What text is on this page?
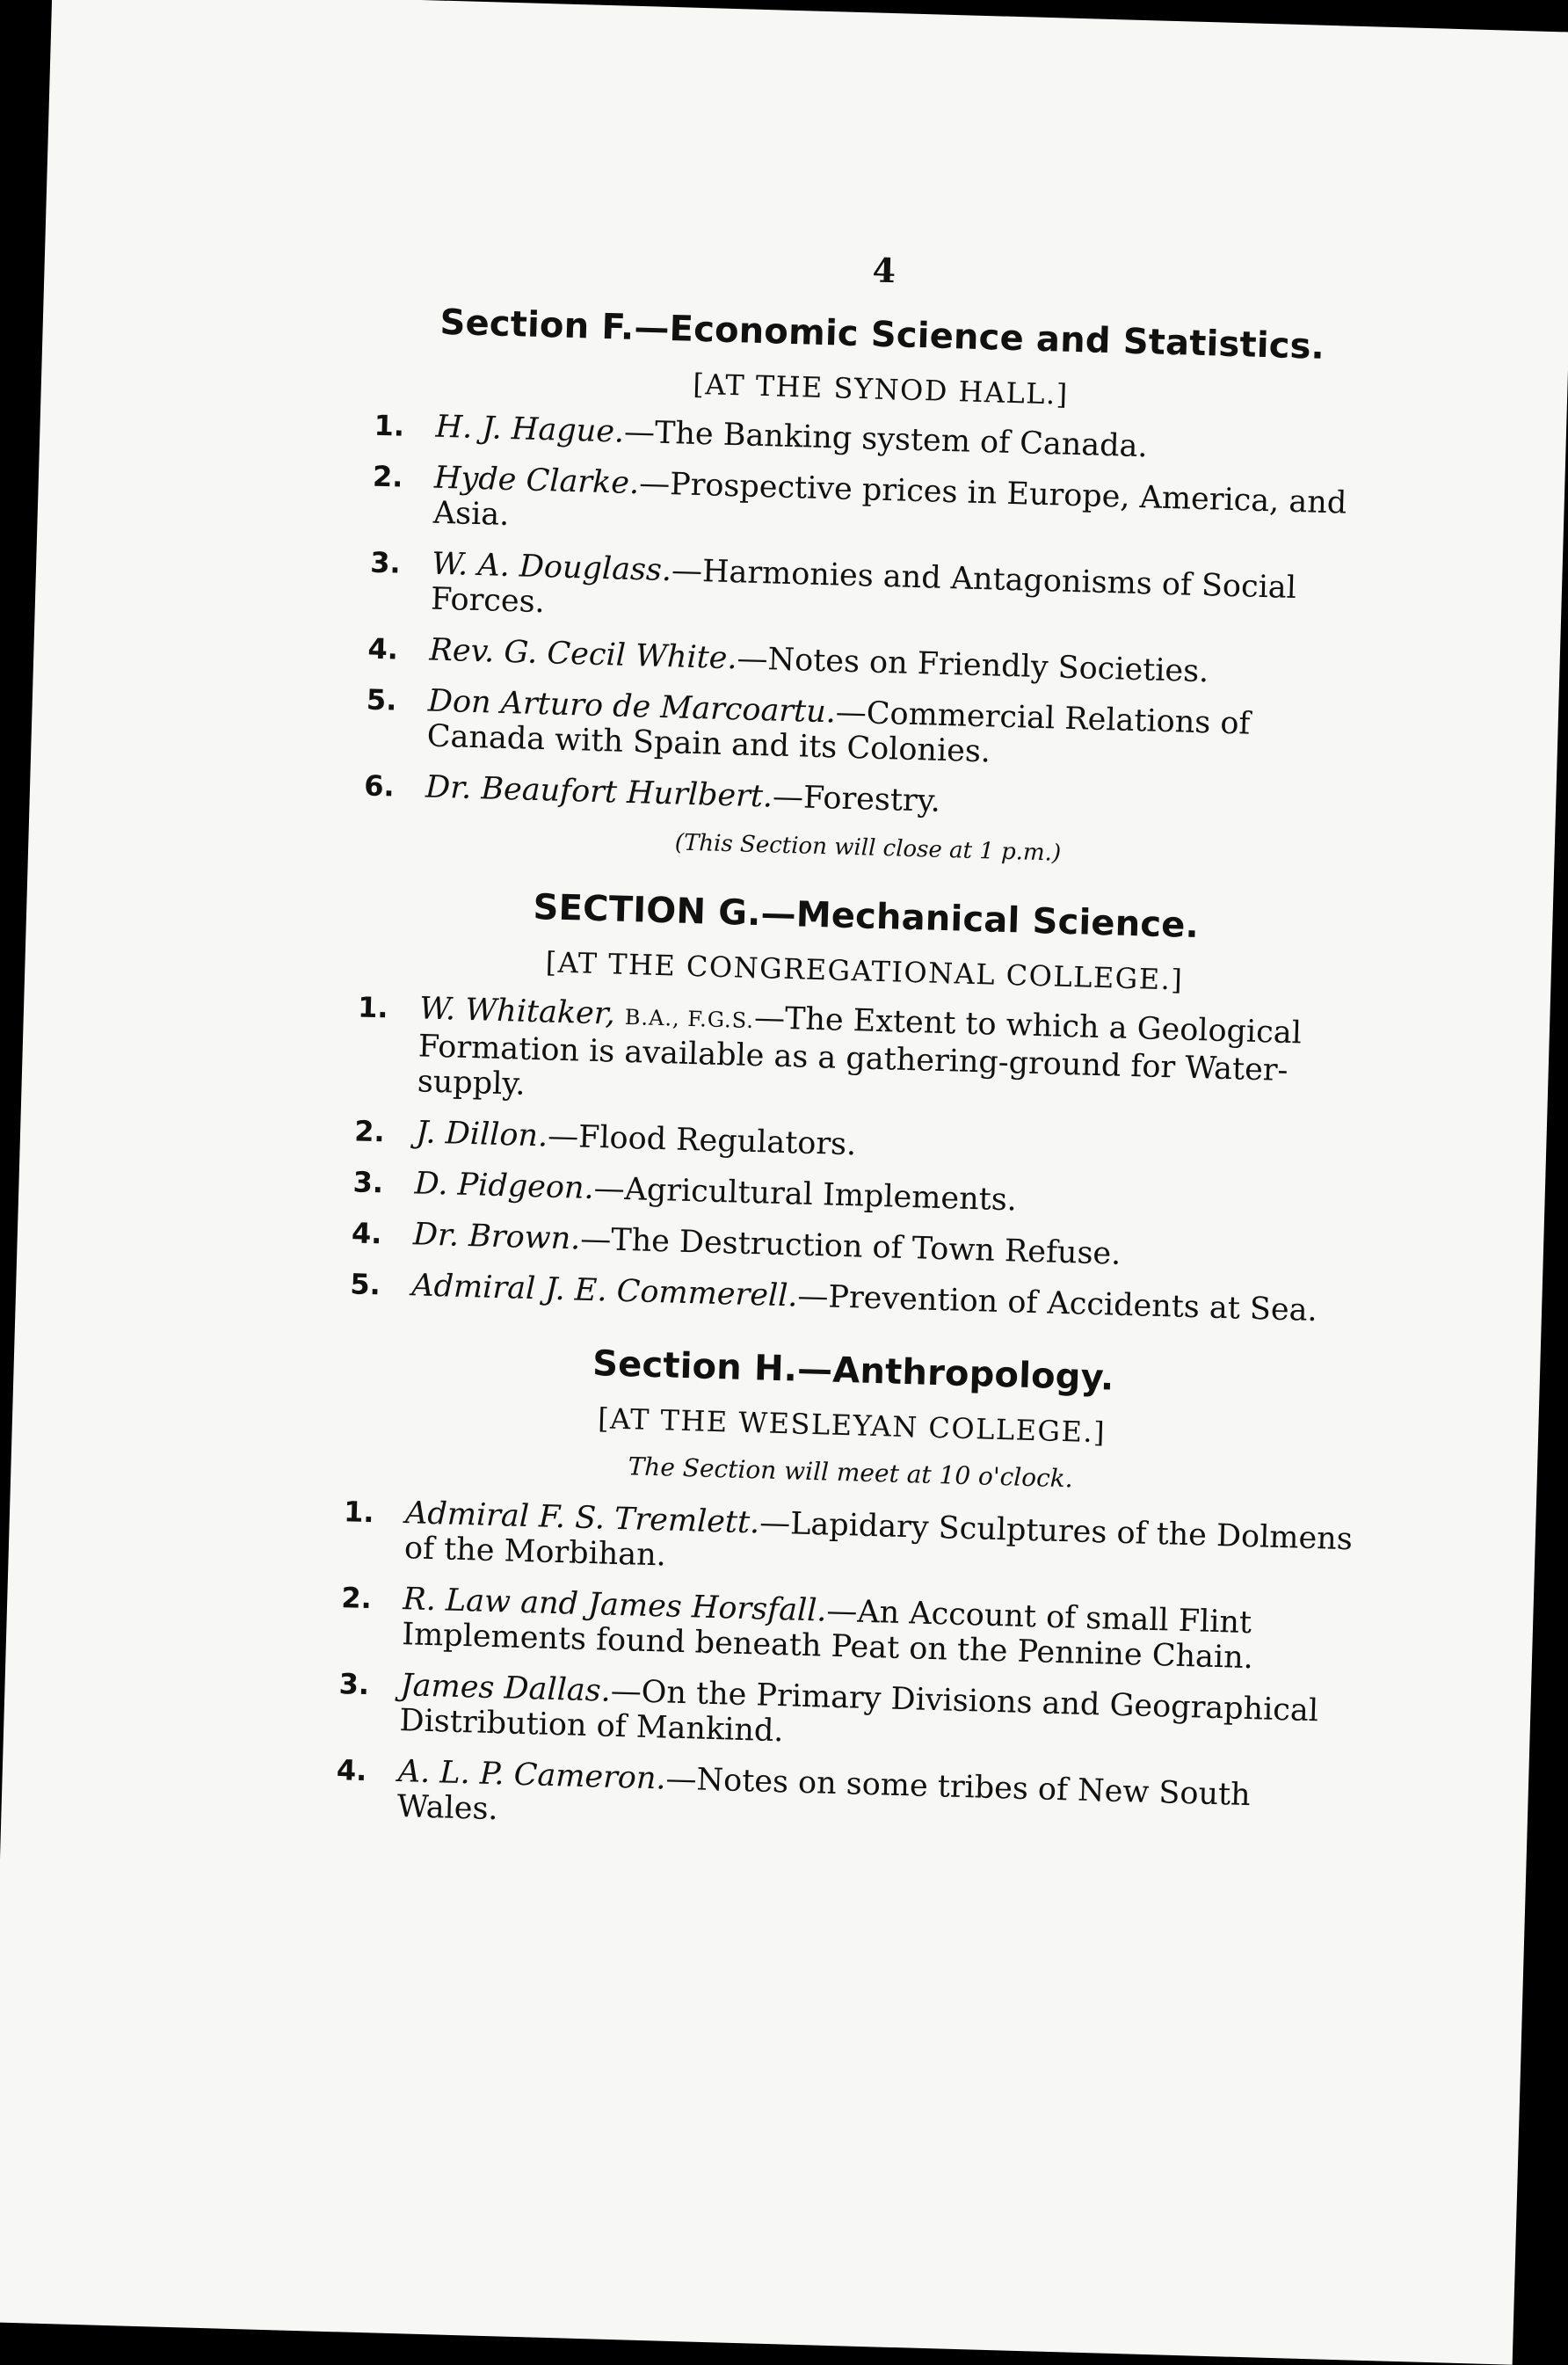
4
Section F.—Economic Science and Statistics.
[AT THE SYNOD HALL.]
1. H. J. Hague.—The Banking system of Canada.
2. Hyde Clarke.—Prospective prices in Europe, America, and Asia.
3. W. A. Douglass.—Harmonies and Antagonisms of Social Forces.
4. Rev. G. Cecil White.—Notes on Friendly Societies.
5. Don Arturo de Marcoartu.—Commercial Relations of Canada with Spain and its Colonies.
6. Dr. Beaufort Hurlbert.—Forestry.
(This Section will close at 1 p.m.)
SECTION G.—Mechanical Science.
[AT THE CONGREGATIONAL COLLEGE.]
1. W. Whitaker, B.A., F.G.S.—The Extent to which a Geological Formation is available as a gathering-ground for Water-supply.
2. J. Dillon.—Flood Regulators.
3. D. Pidgeon.—Agricultural Implements.
4. Dr. Brown.—The Destruction of Town Refuse.
5. Admiral J. E. Commerell.—Prevention of Accidents at Sea.
Section H.—Anthropology.
[AT THE WESLEYAN COLLEGE.]
The Section will meet at 10 o'clock.
1. Admiral F. S. Tremlett.—Lapidary Sculptures of the Dolmens of the Morbihan.
2. R. Law and James Horsfall.—An Account of small Flint Implements found beneath Peat on the Pennine Chain.
3. James Dallas.—On the Primary Divisions and Geographical Distribution of Mankind.
4. A. L. P. Cameron.—Notes on some tribes of New South Wales.
